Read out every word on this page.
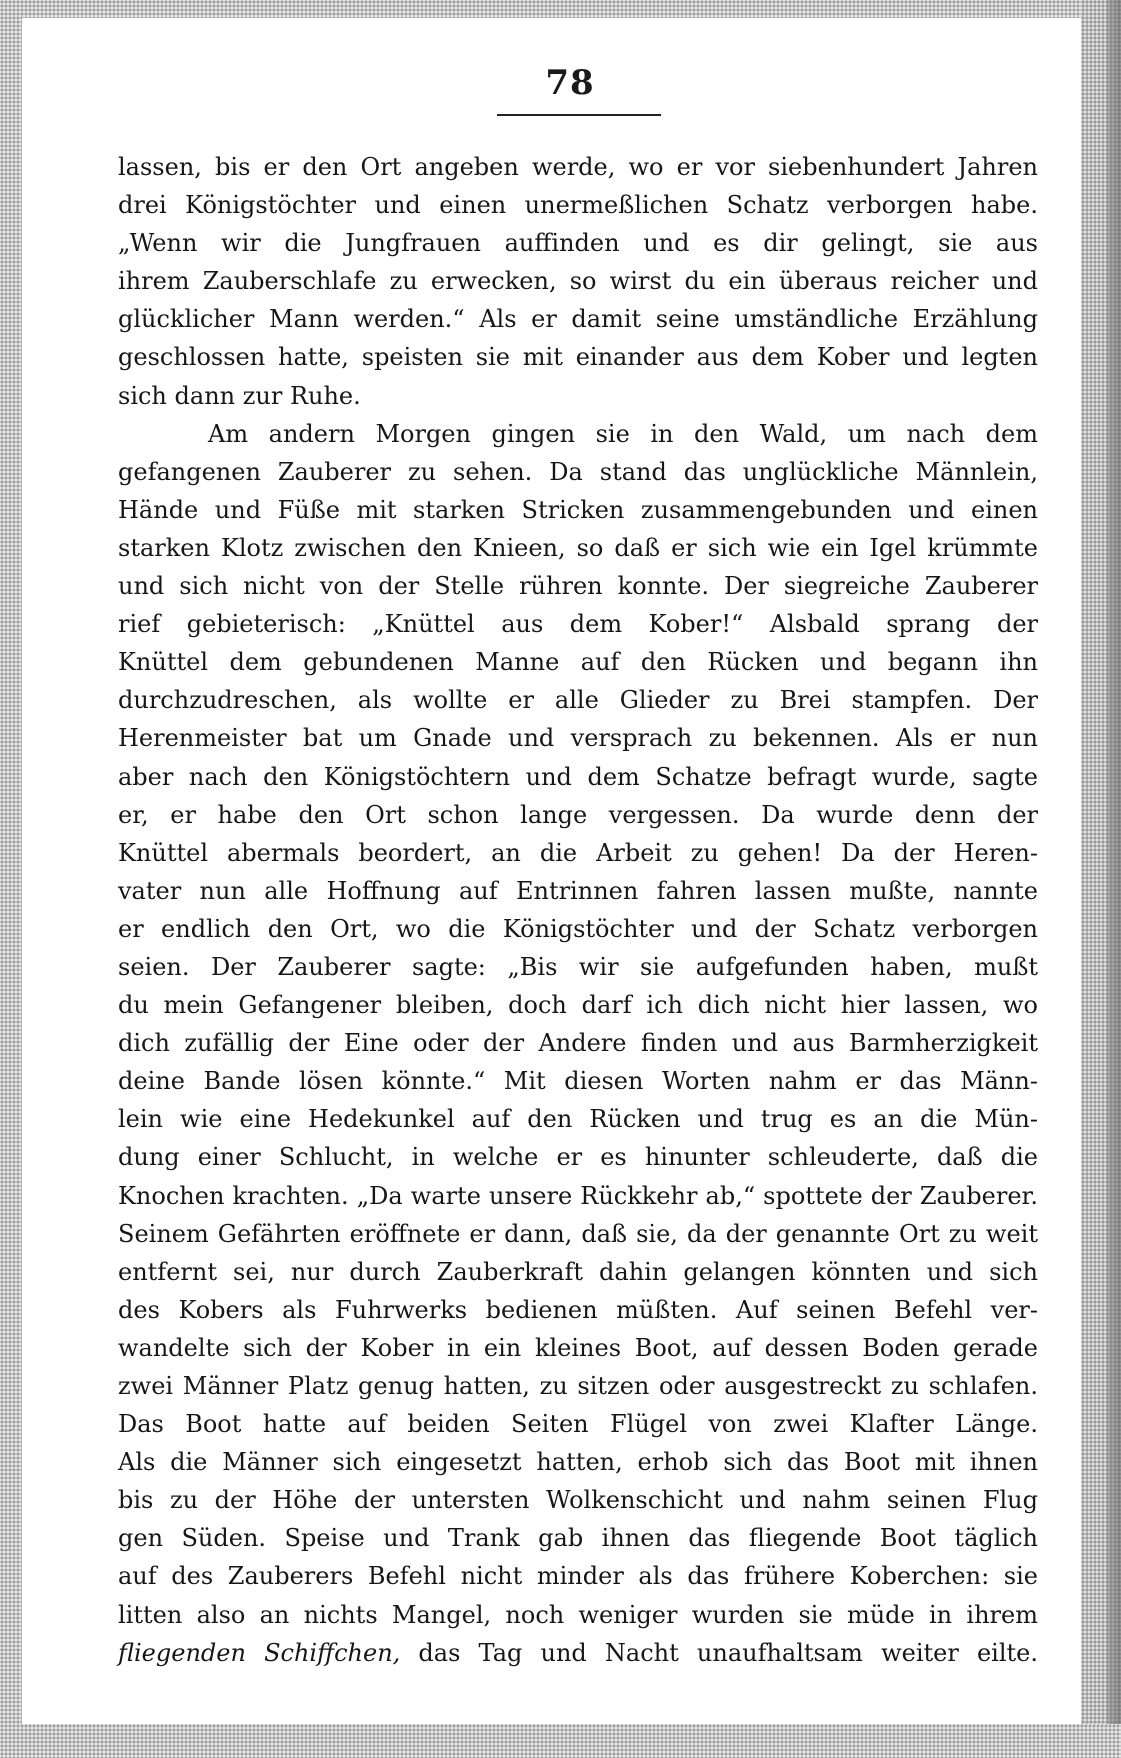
78
lassen, bis er den Ort angeben werde, wo er vor siebenhundert Jahren
drei Königstöchter und einen unermeßlichen Schatz verborgen habe.
„Wenn wir die Jungfrauen auffinden und es dir gelingt, sie aus
ihrem Zauberschlafe zu erwecken, so wirst du ein überaus reicher und
glücklicher Mann werden.“ Als er damit seine umständliche Erzählung
geschlossen hatte, speisten sie mit einander aus dem Kober und legten
sich dann zur Ruhe.
Am andern Morgen gingen sie in den Wald, um nach dem
gefangenen Zauberer zu sehen. Da stand das unglückliche Männlein,
Hände und Füße mit starken Stricken zusammengebunden und einen
starken Klotz zwischen den Knieen, so daß er sich wie ein Igel krümmte
und sich nicht von der Stelle rühren konnte. Der siegreiche Zauberer
rief gebieterisch: „Knüttel aus dem Kober!“ Alsbald sprang der
Knüttel dem gebundenen Manne auf den Rücken und begann ihn
durchzudreschen, als wollte er alle Glieder zu Brei stampfen. Der
Herenmeister bat um Gnade und versprach zu bekennen. Als er nun
aber nach den Königstöchtern und dem Schatze befragt wurde, sagte
er, er habe den Ort schon lange vergessen. Da wurde denn der
Knüttel abermals beordert, an die Arbeit zu gehen! Da der Heren-
vater nun alle Hoffnung auf Entrinnen fahren lassen mußte, nannte
er endlich den Ort, wo die Königstöchter und der Schatz verborgen
seien. Der Zauberer sagte: „Bis wir sie aufgefunden haben, mußt
du mein Gefangener bleiben, doch darf ich dich nicht hier lassen, wo
dich zufällig der Eine oder der Andere finden und aus Barmherzigkeit
deine Bande lösen könnte.“ Mit diesen Worten nahm er das Männ-
lein wie eine Hedekunkel auf den Rücken und trug es an die Mün-
dung einer Schlucht, in welche er es hinunter schleuderte, daß die
Knochen krachten. „Da warte unsere Rückkehr ab,“ spottete der Zauberer.
Seinem Gefährten eröffnete er dann, daß sie, da der genannte Ort zu weit
entfernt sei, nur durch Zauberkraft dahin gelangen könnten und sich
des Kobers als Fuhrwerks bedienen müßten. Auf seinen Befehl ver-
wandelte sich der Kober in ein kleines Boot, auf dessen Boden gerade
zwei Männer Platz genug hatten, zu sitzen oder ausgestreckt zu schlafen.
Das Boot hatte auf beiden Seiten Flügel von zwei Klafter Länge.
Als die Männer sich eingesetzt hatten, erhob sich das Boot mit ihnen
bis zu der Höhe der untersten Wolkenschicht und nahm seinen Flug
gen Süden. Speise und Trank gab ihnen das fliegende Boot täglich
auf des Zauberers Befehl nicht minder als das frühere Koberchen: sie
litten also an nichts Mangel, noch weniger wurden sie müde in ihrem
fliegenden Schiffchen, das Tag und Nacht unaufhaltsam weiter eilte.
